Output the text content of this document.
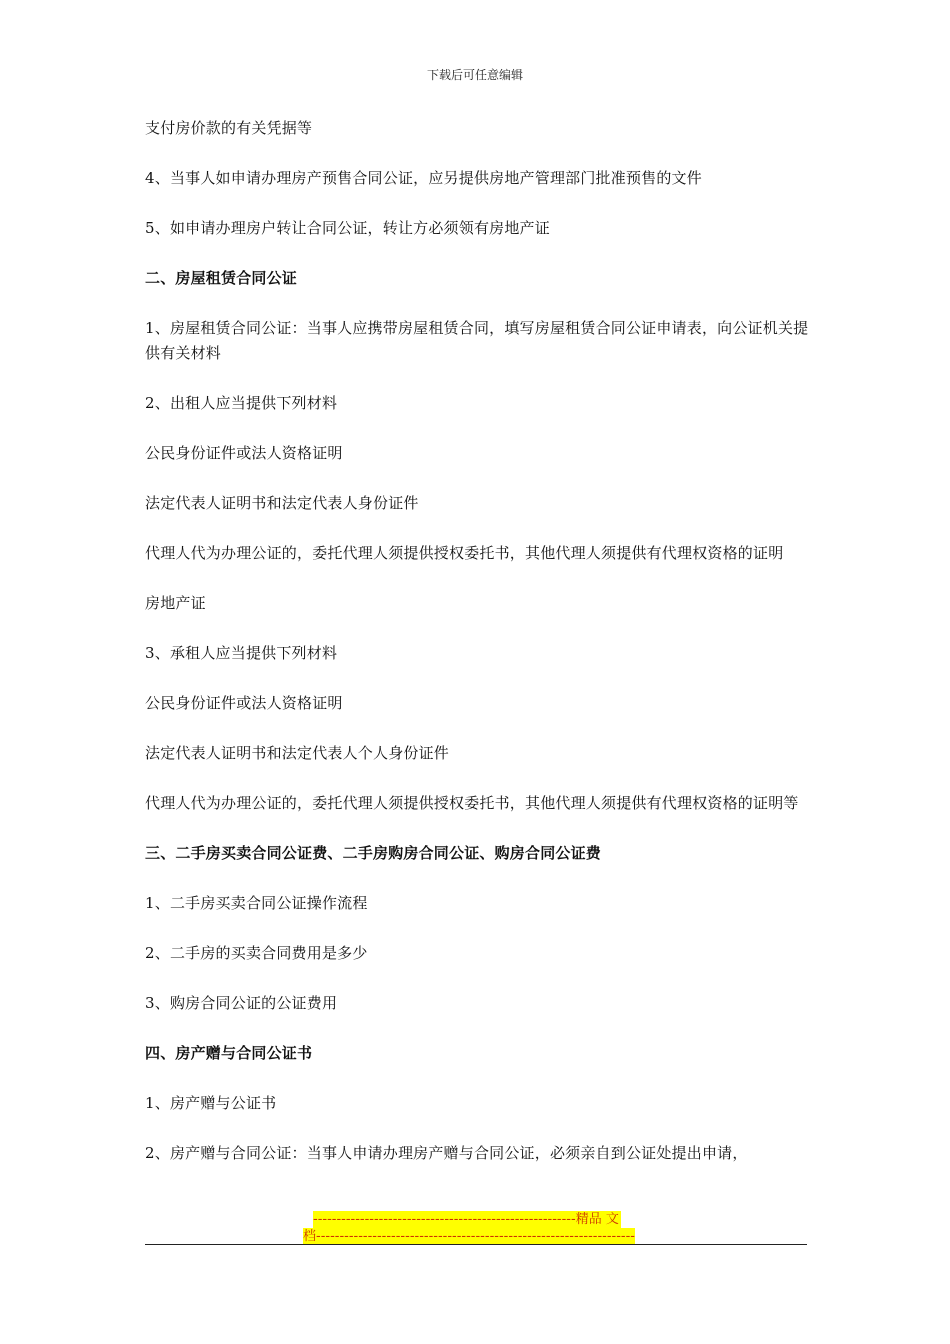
下载后可任意编辑

支付房价款的有关凭据等

4、当事人如申请办理房产预售合同公证，应另提供房地产管理部门批准预售的文件

5、如申请办理房户转让合同公证，转让方必须领有房地产证

二、房屋租赁合同公证

1、房屋租赁合同公证：当事人应携带房屋租赁合同，填写房屋租赁合同公证申请表，向公证机关提供有关材料

2、出租人应当提供下列材料

公民身份证件或法人资格证明

法定代表人证明书和法定代表人身份证件

代理人代为办理公证的，委托代理人须提供授权委托书，其他代理人须提供有代理权资格的证明

房地产证

3、承租人应当提供下列材料

公民身份证件或法人资格证明

法定代表人证明书和法定代表人个人身份证件

代理人代为办理公证的，委托代理人须提供授权委托书，其他代理人须提供有代理权资格的证明等

三、二手房买卖合同公证费、二手房购房合同公证、购房合同公证费

1、二手房买卖合同公证操作流程

2、二手房的买卖合同费用是多少

3、购房合同公证的公证费用

四、房产赠与合同公证书

1、房产赠与公证书

2、房产赠与合同公证：当事人申请办理房产赠与合同公证，必须亲自到公证处提出申请，

--------------------------------------------------------精品 文
档--------------------------------------------------------------------
